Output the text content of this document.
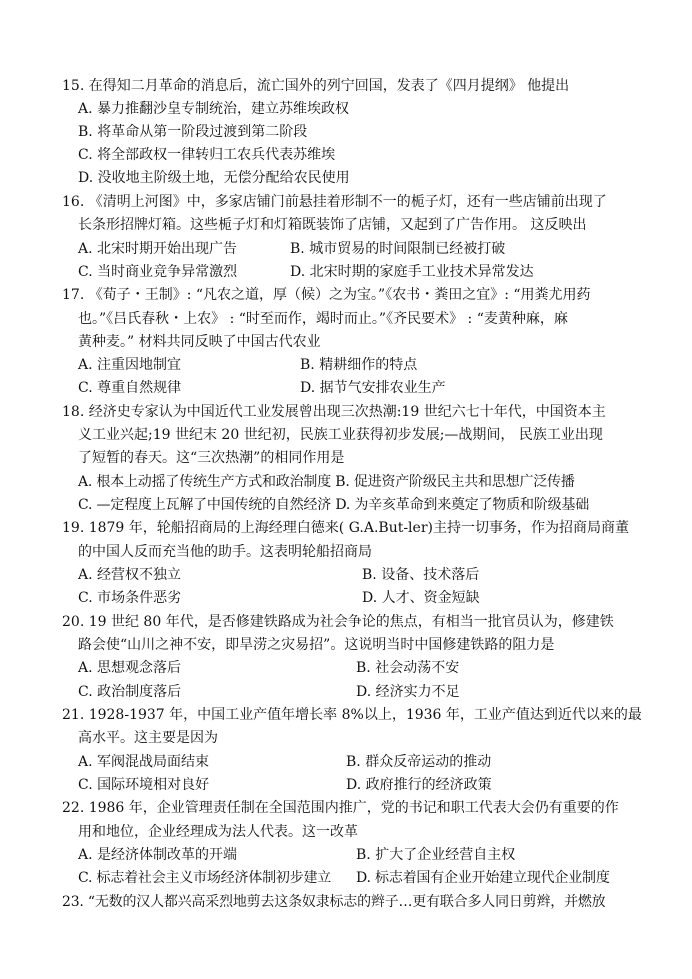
15. 在得知二月革命的消息后，流亡国外的列宁回国，发表了《四月提纲》 他提出
A. 暴力推翻沙皇专制统治，建立苏维埃政权
B. 将革命从第一阶段过渡到第二阶段
C. 将全部政权一律转归工农兵代表苏维埃
D. 没收地主阶级土地，无偿分配给农民使用
16. 《清明上河图》中，多家店铺门前悬挂着形制不一的栀子灯，还有一些店铺前出现了
长条形招牌灯箱。这些栀子灯和灯箱既装饰了店铺，又起到了广告作用。 这反映出
A. 北宋时期开始出现广告	B. 城市贸易的时间限制已经被打破
C. 当时商业竞争异常激烈	D. 北宋时期的家庭手工业技术异常发达
17. 《荀子・王制》: “凡农之道，厚（候）之为宝。”《农书・粪田之宜》: “用粪尤用药
也。”《吕氏春秋・上农》 : “时至而作，竭时而止。”《齐民要术》 : “麦黄种麻，麻
黄种麦。” 材料共同反映了中国古代农业
A. 注重因地制宜	B. 精耕细作的特点
C. 尊重自然规律	D. 据节气安排农业生产
18. 经济史专家认为中国近代工业发展曾出现三次热潮:19 世纪六七十年代，中国资本主
义工业兴起;19 世纪末 20 世纪初，民族工业获得初步发展;—战期间， 民族工业出现
了短暂的春天。这“三次热潮”的相同作用是
A. 根本上动摇了传统生产方式和政治制度 B. 促进资产阶级民主共和思想广泛传播
C. —定程度上瓦解了中国传统的自然经济 D. 为辛亥革命到来奠定了物质和阶级基础
19. 1879 年，轮船招商局的上海经理白德来( G.A.But-ler)主持一切事务，作为招商局商董
的中国人反而充当他的助手。这表明轮船招商局
A. 经营权不独立	B. 设备、技术落后
C. 市场条件恶劣	D. 人才、资金短缺
20. 19 世纪 80 年代，是否修建铁路成为社会争论的焦点，有相当一批官员认为，修建铁
路会使“山川之神不安，即旱涝之灾易招”。这说明当时中国修建铁路的阻力是
A. 思想观念落后	B. 社会动荡不安
C. 政治制度落后	D. 经济实力不足
21. 1928-1937 年，中国工业产值年增长率 8%以上，1936 年，工业产值达到近代以来的最
高水平。这主要是因为
A. 军阀混战局面结束	B. 群众反帝运动的推动
C. 国际环境相对良好	D. 政府推行的经济政策
22. 1986 年，企业管理责任制在全国范围内推广，党的书记和职工代表大会仍有重要的作
用和地位，企业经理成为法人代表。这一改革
A. 是经济体制改革的开端	B. 扩大了企业经营自主权
C. 标志着社会主义市场经济体制初步建立 D. 标志着国有企业开始建立现代企业制度
23. “无数的汉人都兴高采烈地剪去这条奴隶标志的辫子…更有联合多人同日剪辫，并燃放
